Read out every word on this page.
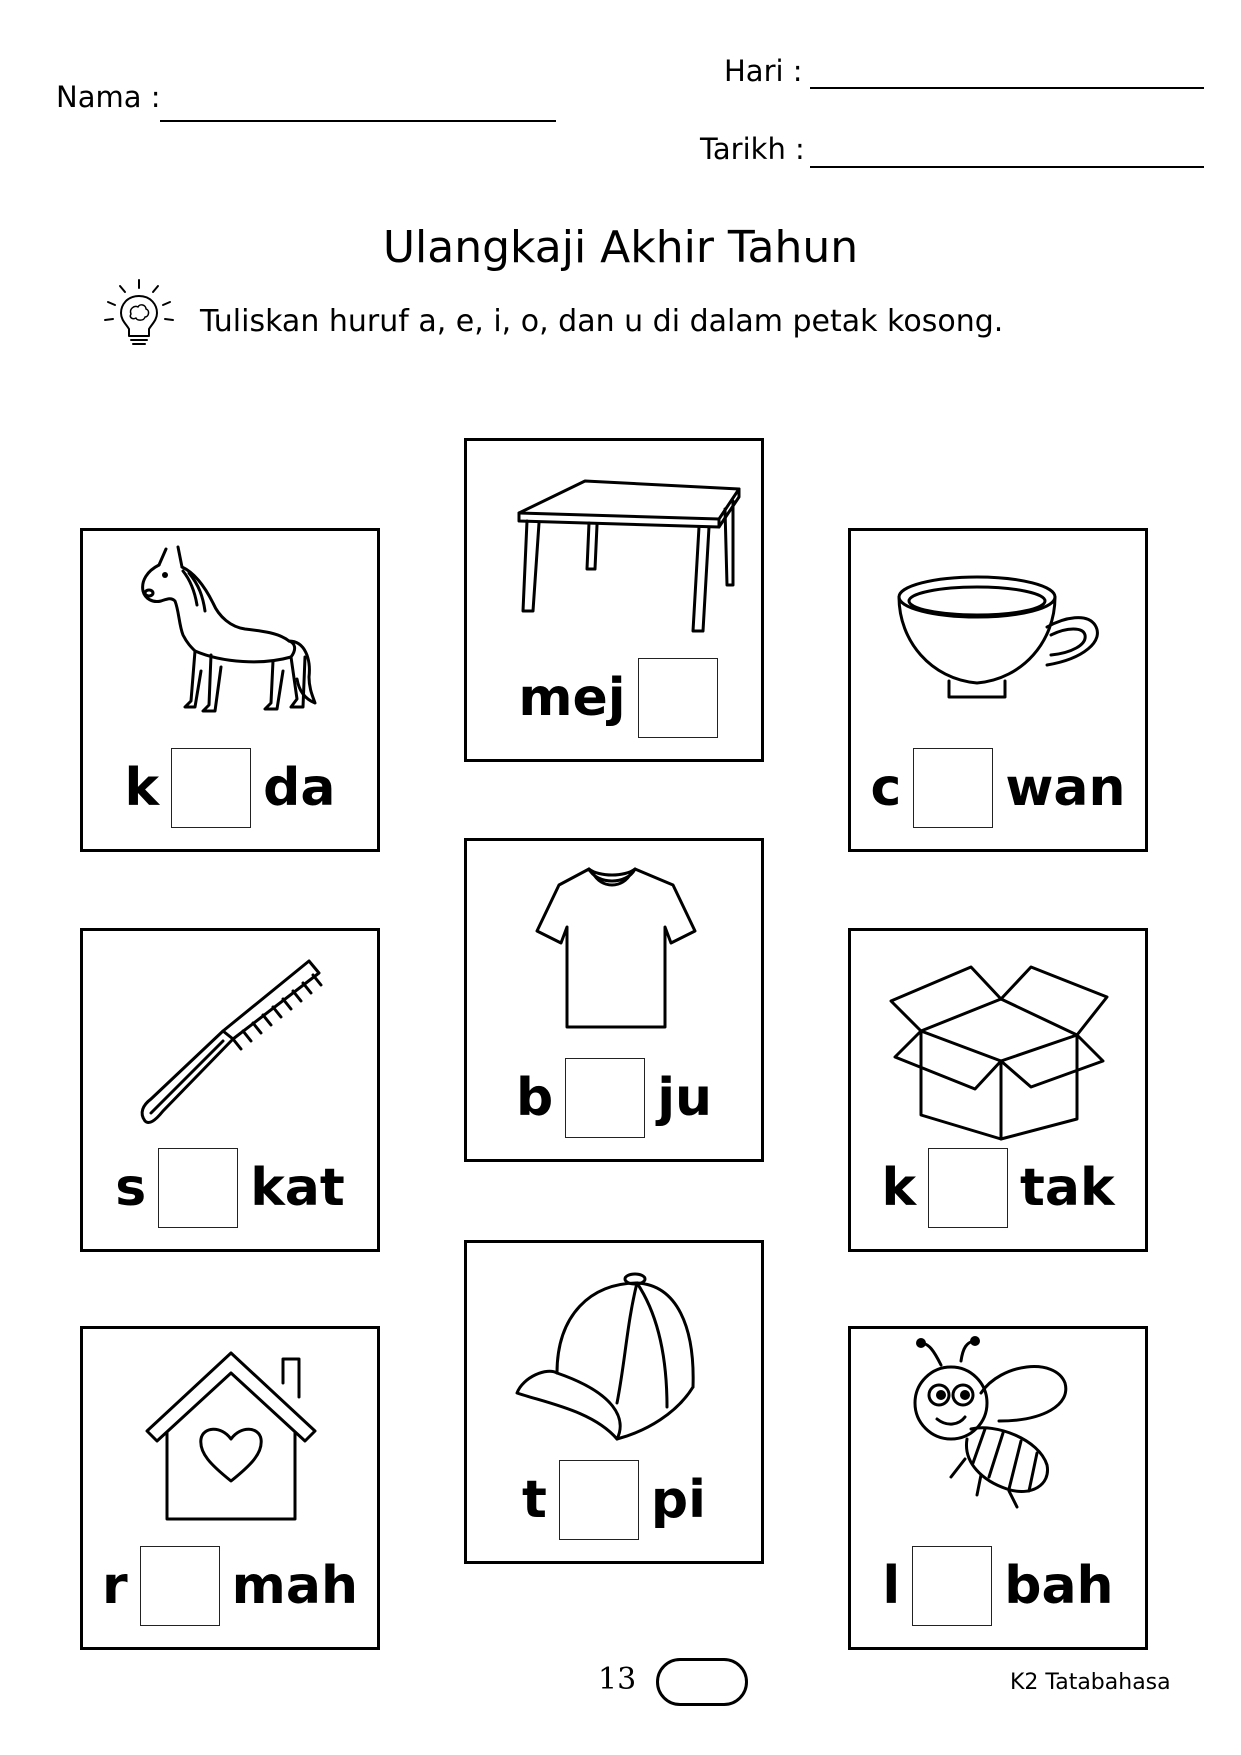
Nama :
Hari :
Tarikh :
Ulangkaji Akhir Tahun
Tuliskan huruf a, e, i, o, dan u di dalam petak kosong.
k da
mej
c wan
s kat
b ju
k tak
r mah
t pi
l bah
13	K2 Tatabahasa
